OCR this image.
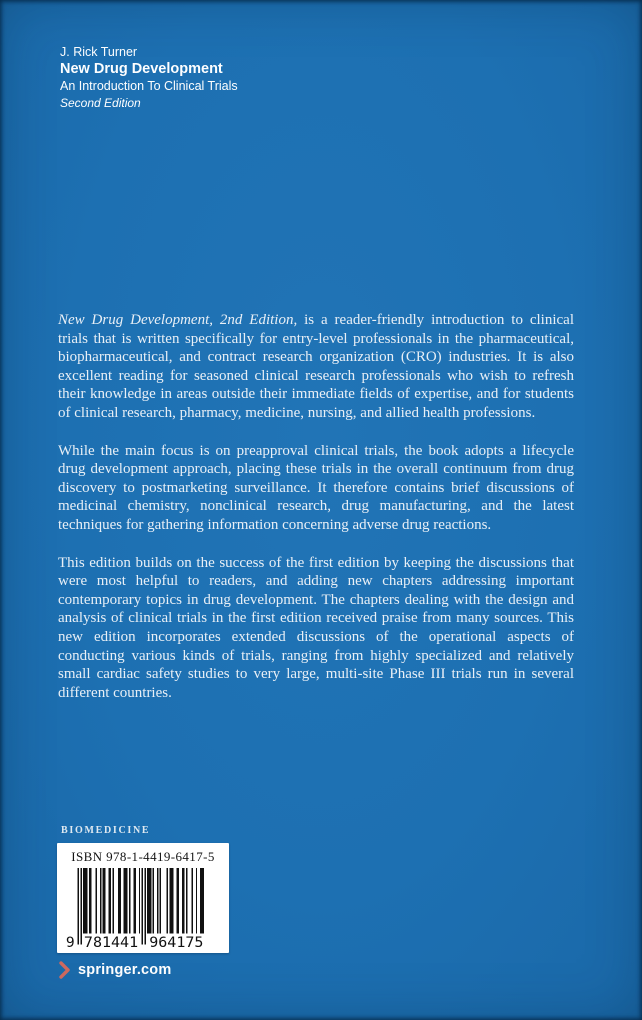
J. Rick Turner
New Drug Development
An Introduction To Clinical Trials
Second Edition

New Drug Development, 2nd Edition, is a reader-friendly introduction to clinical trials that is written specifically for entry-level professionals in the pharmaceutical, biopharmaceutical, and contract research organization (CRO) industries. It is also excellent reading for seasoned clinical research professionals who wish to refresh their knowledge in areas outside their immediate fields of expertise, and for students of clinical research, pharmacy, medicine, nursing, and allied health professions.

While the main focus is on preapproval clinical trials, the book adopts a lifecycle drug development approach, placing these trials in the overall continuum from drug discovery to postmarketing surveillance. It therefore contains brief discussions of medicinal chemistry, nonclinical research, drug manufacturing, and the latest techniques for gathering information concerning adverse drug reactions.

This edition builds on the success of the first edition by keeping the discussions that were most helpful to readers, and adding new chapters addressing important contemporary topics in drug development. The chapters dealing with the design and analysis of clinical trials in the first edition received praise from many sources. This new edition incorporates extended discussions of the operational aspects of conducting various kinds of trials, ranging from highly specialized and relatively small cardiac safety studies to very large, multi-site Phase III trials run in several different countries.

BIOMEDICINE
ISBN 978-1-4419-6417-5
9 781441 964175
springer.com
